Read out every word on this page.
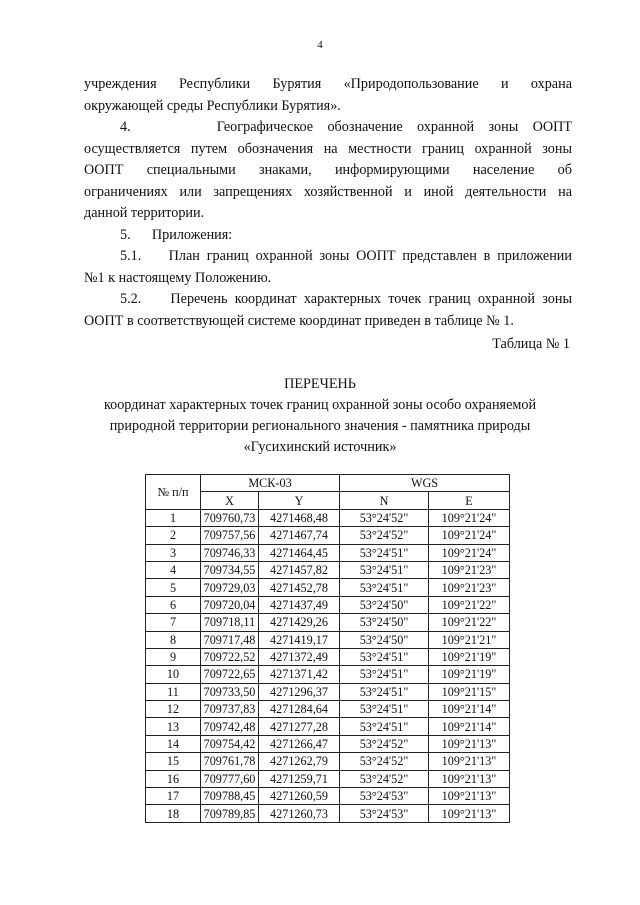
4

учреждения Республики Бурятия «Природопользование и охрана

окружающей среды Республики Бурятия».

4.      Географическое обозначение охранной зоны ООПТ

осуществляется путем обозначения на местности границ охранной зоны

ООПТ специальными знаками, информирующими население об

ограничениях или запрещениях хозяйственной и иной деятельности на

данной территории.

5.      Приложения:

5.1.    План границ охранной зоны ООПТ представлен в приложении

№1 к настоящему Положению.

5.2.    Перечень координат характерных точек границ охранной зоны

ООПТ в соответствующей системе координат приведен в таблице № 1.

Таблица № 1
ПЕРЕЧЕНЬ
координат характерных точек границ охранной зоны особо охраняемой
природной территории регионального значения - памятника природы
«Гусихинский источник»
№ п/п	МСК-03		WGS	
	X	Y	N	E
1	709760,73	4271468,48	53°24'52"	109°21'24"
2	709757,56	4271467,74	53°24'52"	109°21'24"
3	709746,33	4271464,45	53°24'51"	109°21'24"
4	709734,55	4271457,82	53°24'51"	109°21'23"
5	709729,03	4271452,78	53°24'51"	109°21'23"
6	709720,04	4271437,49	53°24'50"	109°21'22"
7	709718,11	4271429,26	53°24'50"	109°21'22"
8	709717,48	4271419,17	53°24'50"	109°21'21"
9	709722,52	4271372,49	53°24'51"	109°21'19"
10	709722,65	4271371,42	53°24'51"	109°21'19"
11	709733,50	4271296,37	53°24'51"	109°21'15"
12	709737,83	4271284,64	53°24'51"	109°21'14"
13	709742,48	4271277,28	53°24'51"	109°21'14"
14	709754,42	4271266,47	53°24'52"	109°21'13"
15	709761,78	4271262,79	53°24'52"	109°21'13"
16	709777,60	4271259,71	53°24'52"	109°21'13"
17	709788,45	4271260,59	53°24'53"	109°21'13"
18	709789,85	4271260,73	53°24'53"	109°21'13"
